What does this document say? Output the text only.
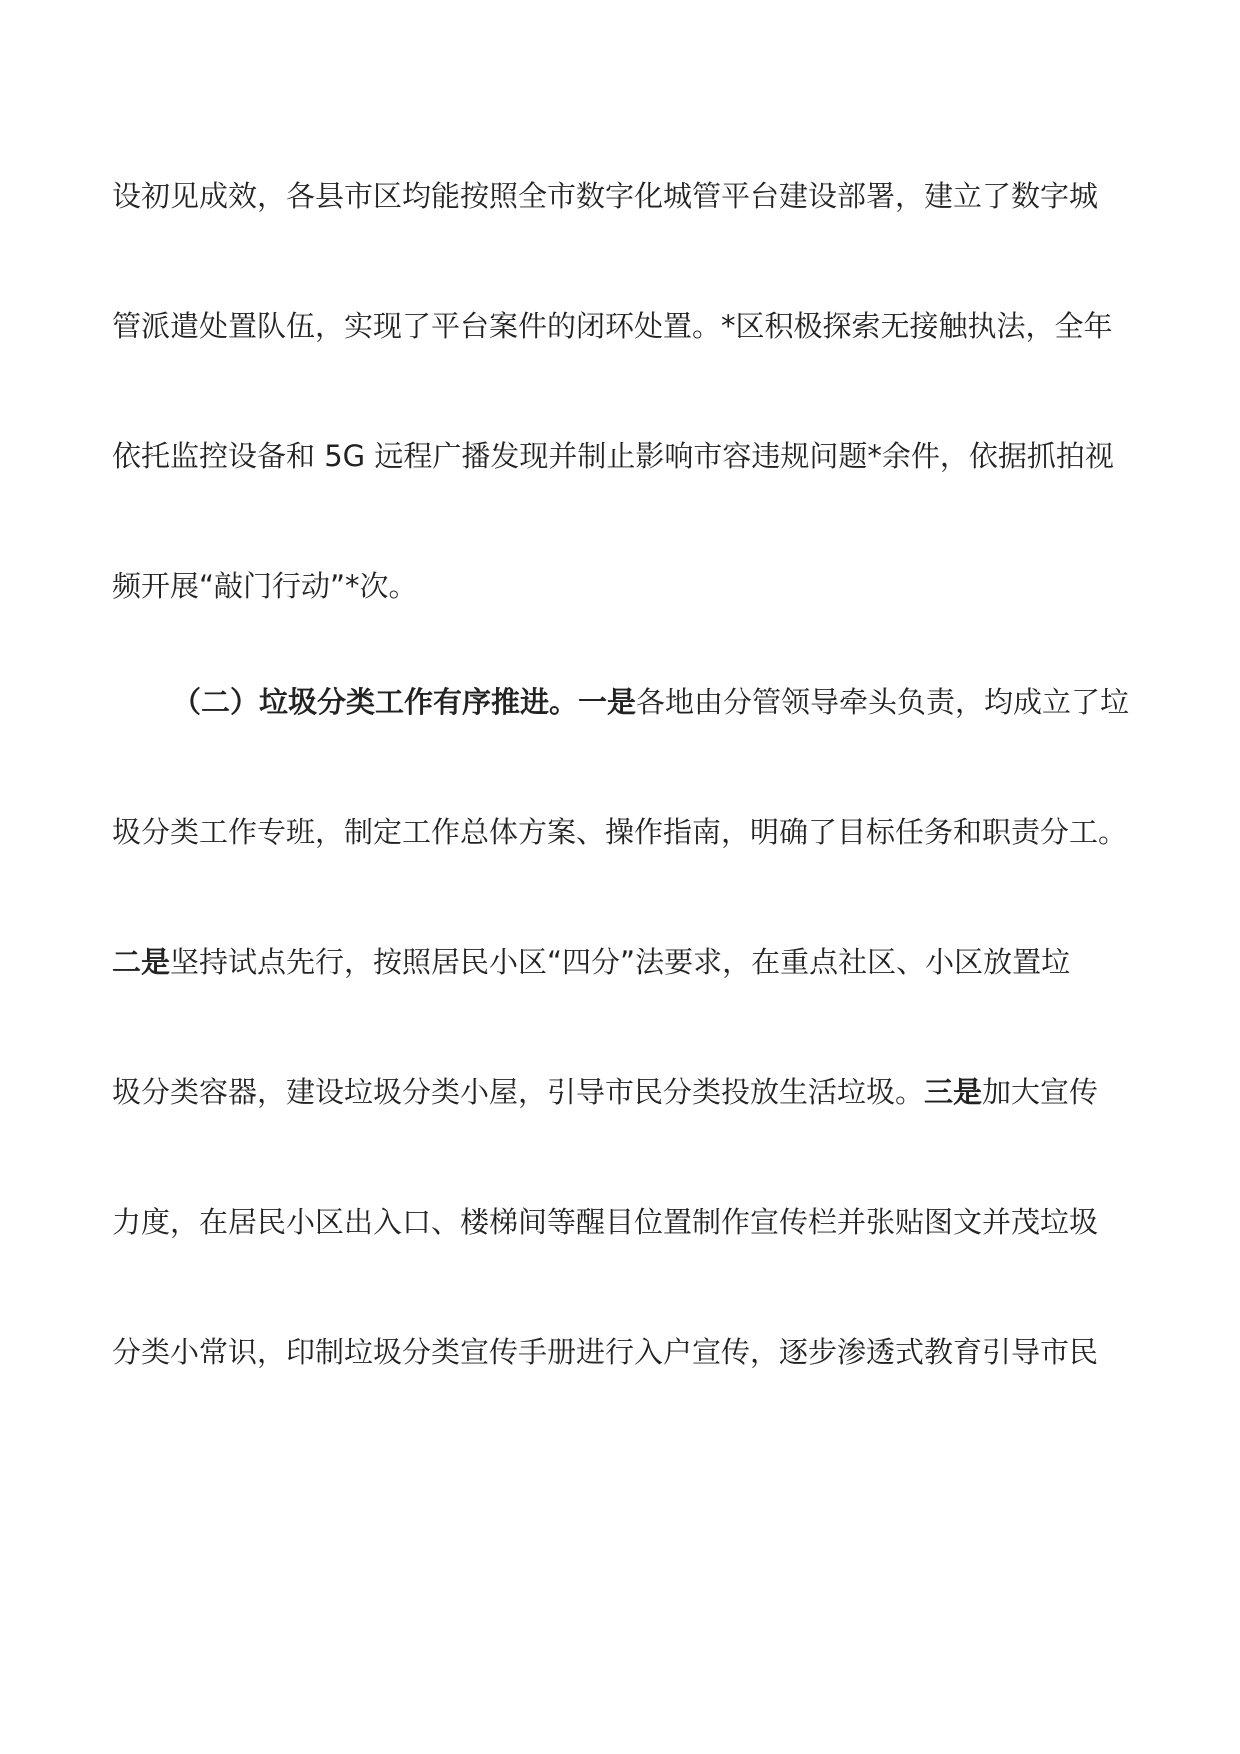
设初见成效，各县市区均能按照全市数字化城管平台建设部署，建立了数字城
管派遣处置队伍，实现了平台案件的闭环处置。*区积极探索无接触执法，全年
依托监控设备和 5G 远程广播发现并制止影响市容违规问题*余件，依据抓拍视
频开展“敲门行动”*次。
（二）垃圾分类工作有序推进。一是各地由分管领导牵头负责，均成立了垃
圾分类工作专班，制定工作总体方案、操作指南，明确了目标任务和职责分工。
二是坚持试点先行，按照居民小区“四分”法要求，在重点社区、小区放置垃
圾分类容器，建设垃圾分类小屋，引导市民分类投放生活垃圾。三是加大宣传
力度，在居民小区出入口、楼梯间等醒目位置制作宣传栏并张贴图文并茂垃圾
分类小常识，印制垃圾分类宣传手册进行入户宣传，逐步渗透式教育引导市民
